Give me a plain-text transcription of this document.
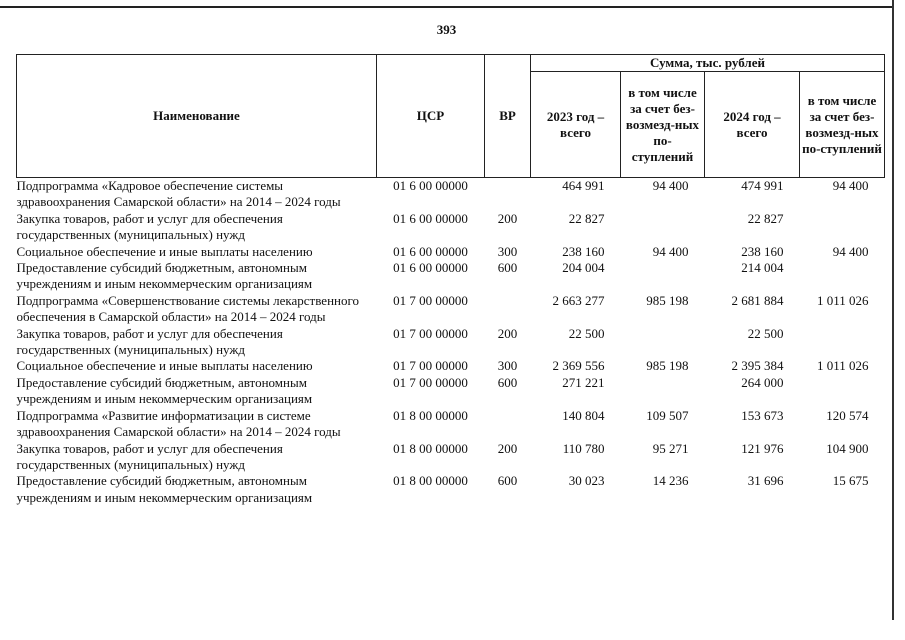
393
Наименование	ЦСР	ВР	Сумма, тыс. рублей			
			2023 год – всего	в том числе за счет без-возмезд-ных по-ступлений	2024 год – всего	в том числе за счет без-возмезд-ных по-ступлений
Подпрограмма «Кадровое обеспечение системы здравоохранения Самарской области» на 2014 – 2024 годы	01 6 00 00000		464 991	94 400	474 991	94 400
Закупка товаров, работ и услуг для обеспечения государственных (муниципальных) нужд	01 6 00 00000	200	22 827		22 827	
Социальное обеспечение и иные выплаты населению	01 6 00 00000	300	238 160	94 400	238 160	94 400
Предоставление субсидий бюджетным, автономным учреждениям и иным некоммерческим организациям	01 6 00 00000	600	204 004		214 004	
Подпрограмма «Совершенствование системы лекарственного обеспечения в Самарской области» на 2014 – 2024 годы	01 7 00 00000		2 663 277	985 198	2 681 884	1 011 026
Закупка товаров, работ и услуг для обеспечения государственных (муниципальных) нужд	01 7 00 00000	200	22 500		22 500	
Социальное обеспечение и иные выплаты населению	01 7 00 00000	300	2 369 556	985 198	2 395 384	1 011 026
Предоставление субсидий бюджетным, автономным учреждениям и иным некоммерческим организациям	01 7 00 00000	600	271 221		264 000	
Подпрограмма «Развитие информатизации в системе здравоохранения Самарской области» на 2014 – 2024 годы	01 8 00 00000		140 804	109 507	153 673	120 574
Закупка товаров, работ и услуг для обеспечения государственных (муниципальных) нужд	01 8 00 00000	200	110 780	95 271	121 976	104 900
Предоставление субсидий бюджетным, автономным учреждениям и иным некоммерческим организациям	01 8 00 00000	600	30 023	14 236	31 696	15 675
